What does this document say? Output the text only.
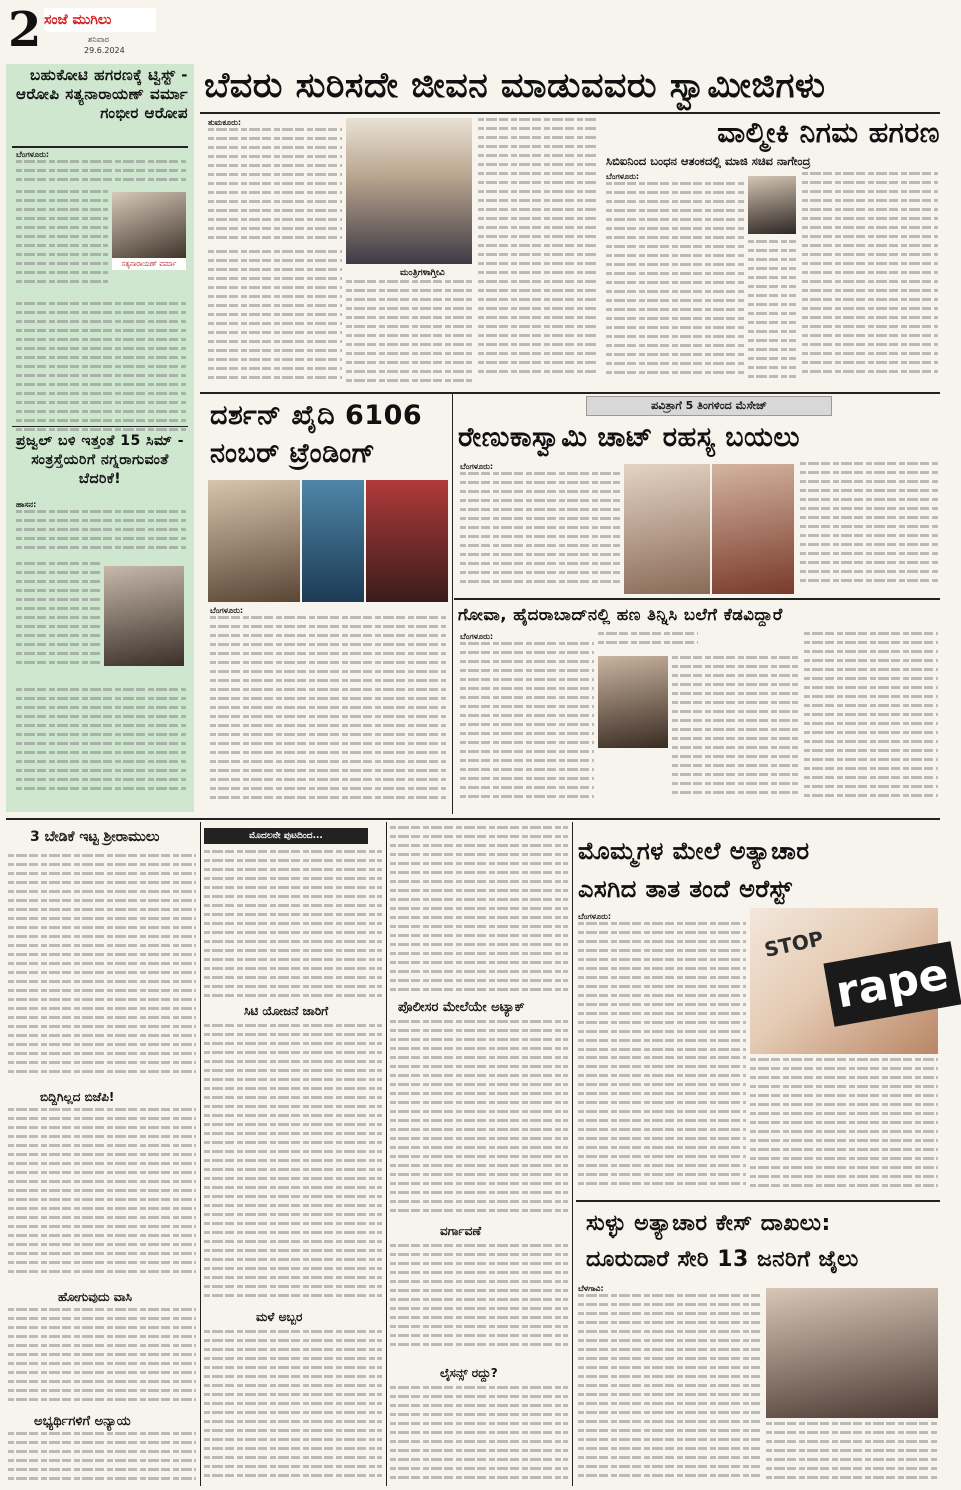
2 ಸಂಜೆ ಮುಗಿಲು
ಶನಿವಾರ
29.6.2024
ಬಹುಕೋಟಿ ಹಗರಣಕ್ಕೆ ಟ್ವಿಸ್ಟ್ - ಆರೋಪಿ ಸತ್ಯನಾರಾಯಣ್ ವರ್ಮಾ ಗಂಭೀರ ಆರೋಪ
ಬೆಂಗಳೂರು:
ಸತ್ಯನಾರಾಯಣ್ ವರ್ಮಾ
ಪ್ರಜ್ವಲ್ ಬಳಿ ಇತ್ತಂತೆ 15 ಸಿಮ್ - ಸಂತ್ರಸ್ತೆಯರಿಗೆ ನಗ್ನರಾಗುವಂತೆ ಬೆದರಿಕೆ!
ಹಾಸನ:
ಬೆವರು ಸುರಿಸದೇ ಜೀವನ ಮಾಡುವವರು ಸ್ವಾಮೀಜಿಗಳು
ತುಮಕೂರು:
ಮಂತ್ರಿಗಳಾಗ್ತೀವಿ
ವಾಲ್ಮೀಕಿ ನಿಗಮ ಹಗರಣ
ಸಿಬಿಐನಿಂದ ಬಂಧನ ಆತಂಕದಲ್ಲಿ ಮಾಜಿ ಸಚಿವ ನಾಗೇಂದ್ರ
ಬೆಂಗಳೂರು:
ದರ್ಶನ್ ಖೈದಿ 6106
ನಂಬರ್ ಟ್ರೆಂಡಿಂಗ್
ಬೆಂಗಳೂರು:
ಪವಿತ್ರಾಗೆ 5 ತಿಂಗಳಿಂದ ಮೆಸೇಜ್
ರೇಣುಕಾಸ್ವಾಮಿ ಚಾಟ್ ರಹಸ್ಯ ಬಯಲು
ಬೆಂಗಳೂರು:
ಗೋವಾ, ಹೈದರಾಬಾದ್‌ನಲ್ಲಿ ಹಣ ತಿನ್ನಿಸಿ ಬಲೆಗೆ ಕೆಡವಿದ್ದಾರೆ
ಬೆಂಗಳೂರು:
3 ಬೇಡಿಕೆ ಇಟ್ಟ ಶ್ರೀರಾಮುಲು
ಬಿದ್ದಿಗಿಲ್ಲದ ಬಿಜೆಪಿ!
ಹೋಗುವುದು ವಾಸಿ
ಅಭ್ಯರ್ಥಿಗಳಿಗೆ ಅನ್ಯಾಯ
ಮೊದಲನೇ ಪುಟದಿಂದ...
ಸಿಟಿ ಯೋಜನೆ ಜಾರಿಗೆ
ಮಳೆ ಅಬ್ಬರ
ಪೊಲೀಸರ ಮೇಲೆಯೇ ಅಟ್ಯಾಕ್
ವರ್ಗಾವಣೆ
ಲೈಸನ್ಸ್ ರದ್ದು?
ಮೊಮ್ಮಗಳ ಮೇಲೆ ಅತ್ಯಾಚಾರ
ಎಸಗಿದ ತಾತ ತಂದೆ ಅರೆಸ್ಟ್
ಬೆಂಗಳೂರು:
STOP
rape
ಸುಳ್ಳು ಅತ್ಯಾಚಾರ ಕೇಸ್ ದಾಖಲು:
ದೂರುದಾರೆ ಸೇರಿ 13 ಜನರಿಗೆ ಜೈಲು
ಬೆಳಗಾವಿ:
